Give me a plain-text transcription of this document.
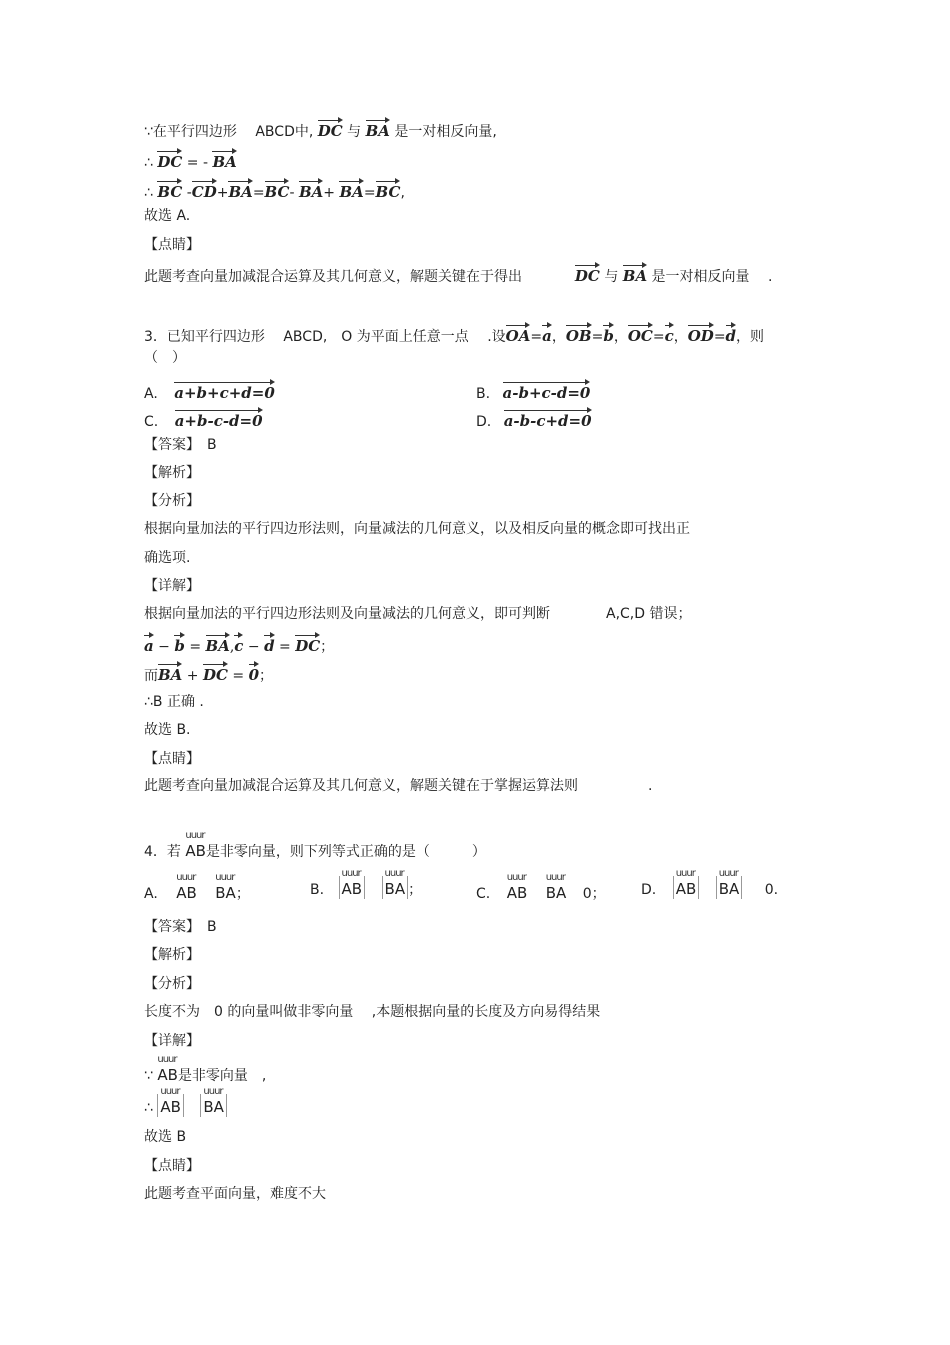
∵在平行四边形　 ABCD中, DC 与 BA 是一对相反向量,
∴ DC = - BA
∴ BC -CD+BA=BC- BA+ BA=BC,
故选 A.
【点睛】
此题考查向量加减混合运算及其几何意义，解题关键在于得出	DC 与 BA 是一对相反向量　 .
3．已知平行四边形　 ABCD,　O 为平面上任意一点　 .设OA=a，OB=b，OC=c，OD=d，则
（　）
A. a+b+c+d=0	B. a-b+c-d=0
C. a+b-c-d=0	D. a-b-c+d=0
【答案】　B
【解析】
【分析】
根据向量加法的平行四边形法则，向量减法的几何意义，以及相反向量的概念即可找出正
确选项.
【详解】
根据向量加法的平行四边形法则及向量减法的几何意义，即可判断　　　　A,C,D 错误；
a − b = BA,c − d = DC；
而BA + DC = 0；
∴B 正确 .
故选 B.
【点睛】
此题考查向量加减混合运算及其几何意义，解题关键在于掌握运算法则　　　　　.
4．若
uuur
AB是非零向量，则下列等式正确的是（　　　）
A.
uuur
AB
uuur
BA；	B.
uuur
AB
uuur
BA ；	C.
uuur
AB
uuur
BA 0；	D.
uuur
AB
uuur
BA 0.
【答案】　B
【解析】
【分析】
长度不为　0 的向量叫做非零向量　 ,本题根据向量的长度及方向易得结果
【详解】
∵
uuur
AB是非零向量　,
∴
uuur
AB
uuur
BA
故选 B
【点睛】
此题考查平面向量，难度不大
